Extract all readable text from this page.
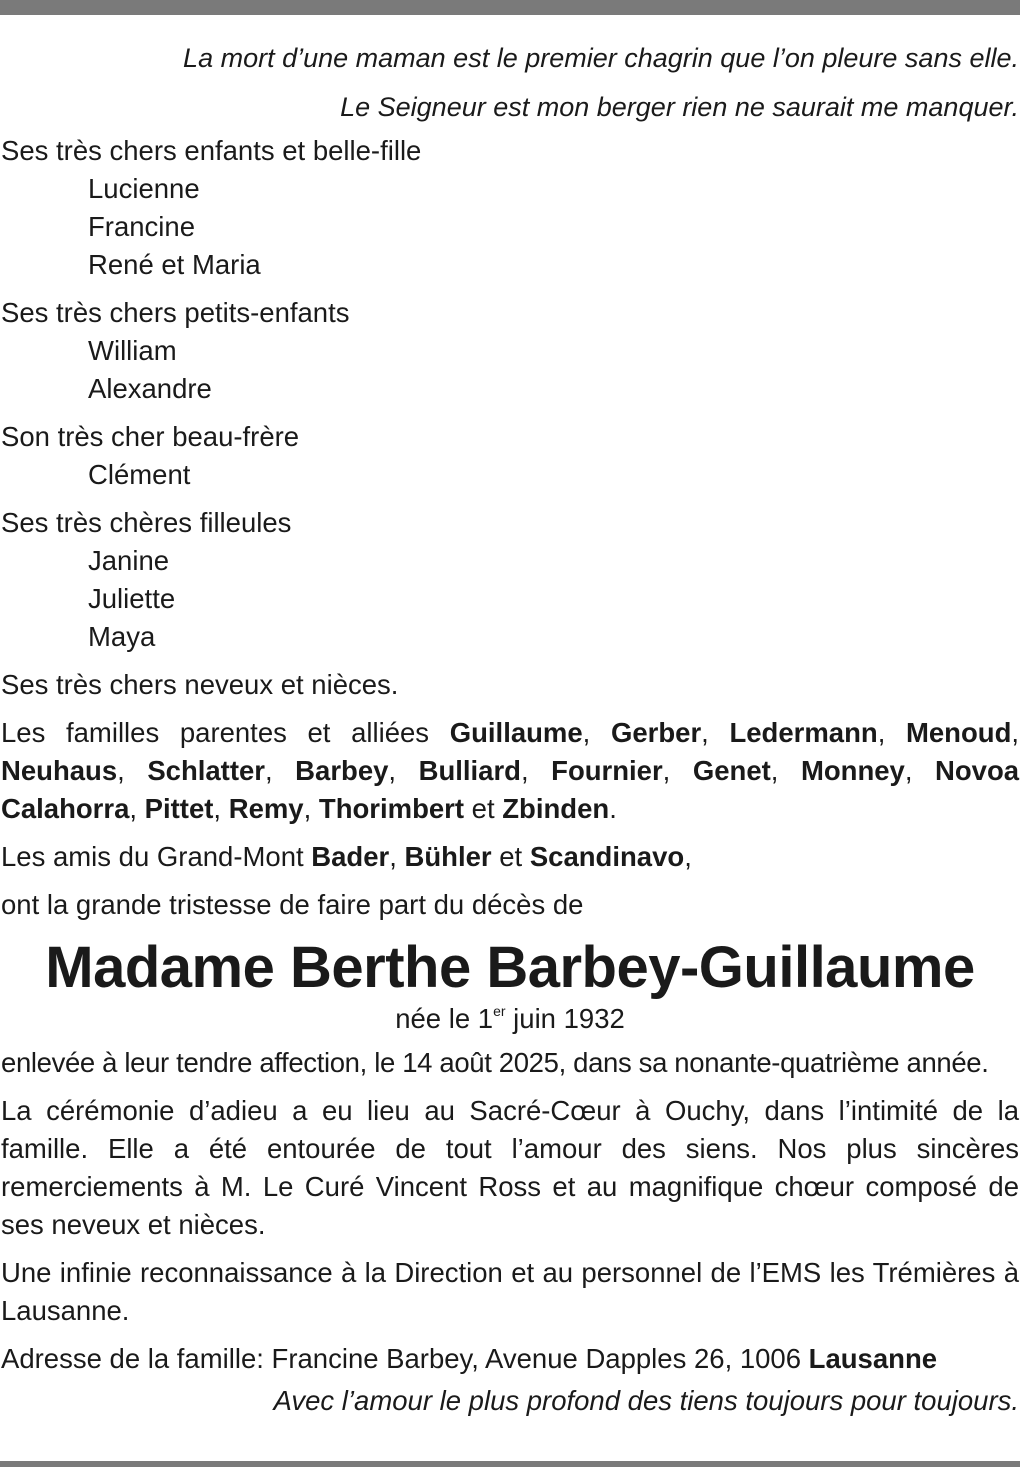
La mort d’une maman est le premier chagrin que l’on pleure sans elle.
Le Seigneur est mon berger rien ne saurait me manquer.
Ses très chers enfants et belle-fille
Lucienne
Francine
René et Maria
Ses très chers petits-enfants
William
Alexandre
Son très cher beau-frère
Clément
Ses très chères filleules
Janine
Juliette
Maya

Ses très chers neveux et nièces.

Les familles parentes et alliées Guillaume, Gerber, Ledermann, Menoud, Neuhaus, Schlatter, Barbey, Bulliard, Fournier, Genet, Monney, Novoa Calahorra, Pittet, Remy, Thorimbert et Zbinden.

Les amis du Grand-Mont Bader, Bühler et Scandinavo,

ont la grande tristesse de faire part du décès de

Madame Berthe Barbey-Guillaume
née le 1er juin 1932

enlevée à leur tendre affection, le 14 août 2025, dans sa nonante-quatrième année.

La cérémonie d’adieu a eu lieu au Sacré-Cœur à Ouchy, dans l’intimité de la famille. Elle a été entourée de tout l’amour des siens. Nos plus sincères remerciements à M. Le Curé Vincent Ross et au magnifique chœur composé de ses neveux et nièces.

Une infinie reconnaissance à la Direction et au personnel de l’EMS les Trémières à Lausanne.

Adresse de la famille: Francine Barbey, Avenue Dapples 26, 1006 Lausanne

Avec l’amour le plus profond des tiens toujours pour toujours.
